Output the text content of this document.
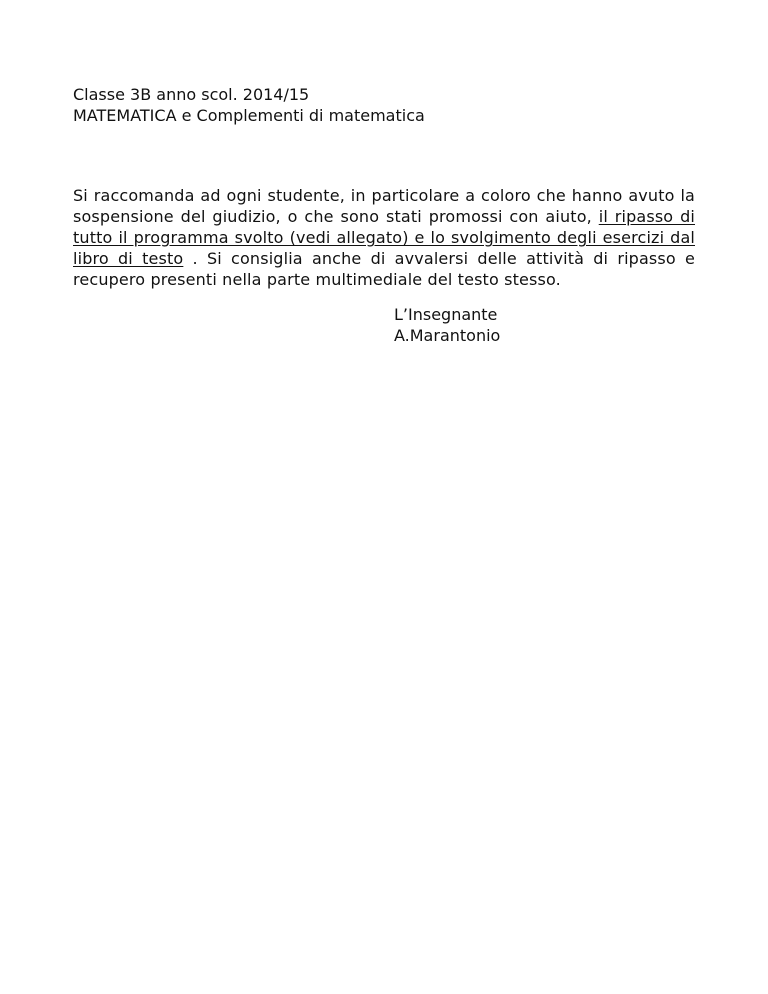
Classe 3B anno scol. 2014/15
MATEMATICA e Complementi di matematica
Si raccomanda ad ogni studente, in particolare a coloro che hanno avuto la sospensione del giudizio, o che sono stati promossi con aiuto, il ripasso di tutto il programma svolto (vedi allegato) e lo svolgimento degli esercizi dal libro di testo . Si consiglia anche di avvalersi delle attività di ripasso e recupero presenti nella parte multimediale del testo stesso.
L’Insegnante
A.Marantonio
